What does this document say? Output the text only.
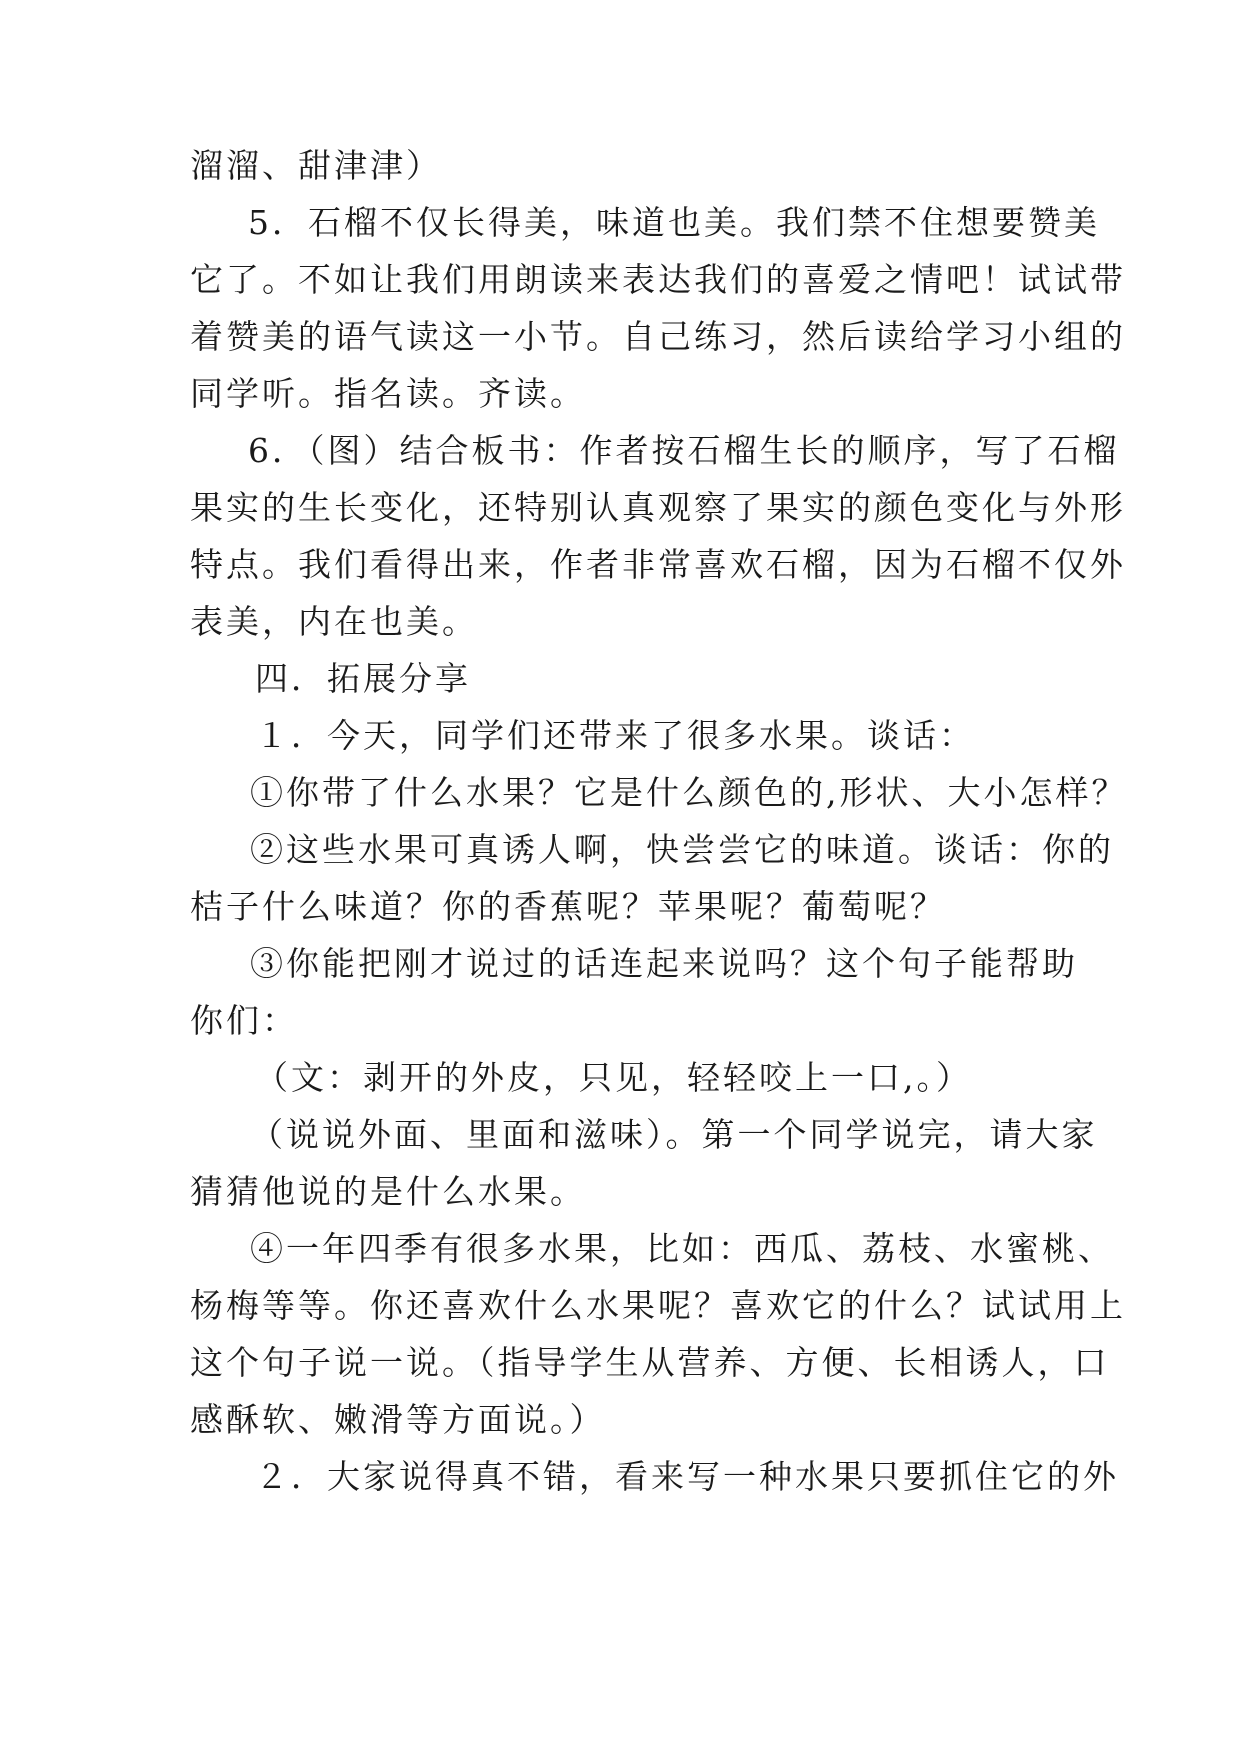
溜溜、甜津津）
5．石榴不仅长得美，味道也美。我们禁不住想要赞美
它了。不如让我们用朗读来表达我们的喜爱之情吧！试试带
着赞美的语气读这一小节。自己练习，然后读给学习小组的
同学听。指名读。齐读。
6．（图）结合板书：作者按石榴生长的顺序，写了石榴
果实的生长变化，还特别认真观察了果实的颜色变化与外形
特点。我们看得出来，作者非常喜欢石榴，因为石榴不仅外
表美，内在也美。
四．拓展分享
１．今天，同学们还带来了很多水果。谈话：
①你带了什么水果？它是什么颜色的,形状、大小怎样？
②这些水果可真诱人啊，快尝尝它的味道。谈话：你的
桔子什么味道？你的香蕉呢？苹果呢？葡萄呢？
③你能把刚才说过的话连起来说吗？这个句子能帮助
你们：
（文：剥开的外皮，只见，轻轻咬上一口,。）
（说说外面、里面和滋味）。第一个同学说完，请大家
猜猜他说的是什么水果。
④一年四季有很多水果，比如：西瓜、荔枝、水蜜桃、
杨梅等等。你还喜欢什么水果呢？喜欢它的什么？试试用上
这个句子说一说。（指导学生从营养、方便、长相诱人，口
感酥软、嫩滑等方面说。）
２．大家说得真不错，看来写一种水果只要抓住它的外
